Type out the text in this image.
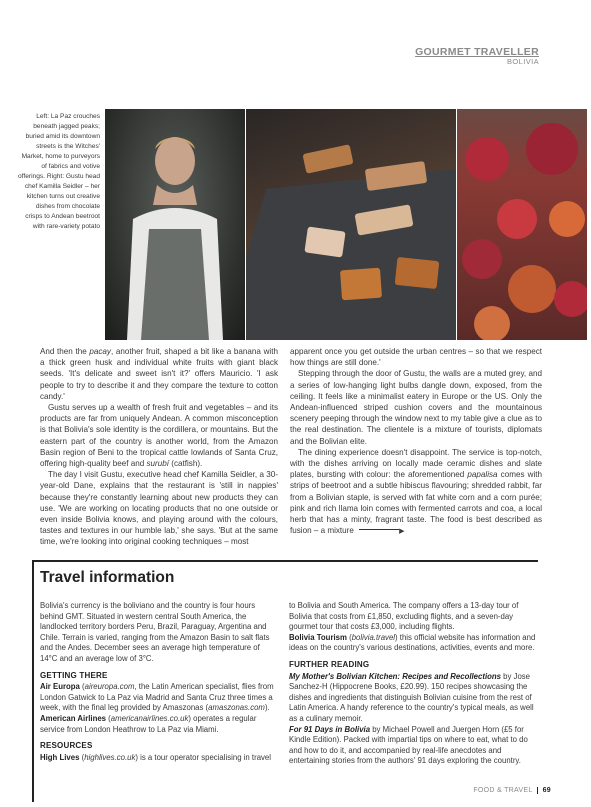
GOURMET TRAVELLER
BOLIVIA
Left: La Paz crouches beneath jagged peaks; buried amid its downtown streets is the Witches' Market, home to purveyors of fabrics and votive offerings. Right: Gustu head chef Kamilla Seidler – her kitchen turns out creative dishes from chocolate crisps to Andean beetroot with rare-variety potato

And then the pacay, another fruit, shaped a bit like a banana with a thick green husk and individual white fruits with giant black seeds. 'It's delicate and sweet isn't it?' offers Mauricio. 'I ask people to try to describe it and they compare the texture to cotton candy.'

Gustu serves up a wealth of fresh fruit and vegetables – and its products are far from uniquely Andean. A common misconception is that Bolivia's sole identity is the cordillera, or mountains. But the eastern part of the country is another world, from the Amazon Basin region of Beni to the tropical cattle lowlands of Santa Cruz, offering high-quality beef and surubí (catfish).

The day I visit Gustu, executive head chef Kamilla Seidler, a 30-year-old Dane, explains that the restaurant is 'still in nappies' because they're constantly learning about new products they can use. 'We are working on locating products that no one outside or even inside Bolivia knows, and playing around with the colours, tastes and textures in our humble lab,' she says. 'But at the same time, we're looking into original cooking techniques – most

apparent once you get outside the urban centres – so that we respect how things are still done.'

Stepping through the door of Gustu, the walls are a muted grey, and a series of low-hanging light bulbs dangle down, exposed, from the ceiling. It feels like a minimalist eatery in Europe or the US. Only the Andean-influenced striped cushion covers and the mountainous scenery peeping through the window next to my table give a clue as to the real destination. The clientele is a mixture of tourists, diplomats and the Bolivian elite.

The dining experience doesn't disappoint. The service is top-notch, with the dishes arriving on locally made ceramic dishes and slate plates, bursting with colour: the aforementioned papalisa comes with strips of beetroot and a subtle hibiscus flavouring; shredded rabbit, far from a Bolivian staple, is served with fat white corn and a corn purée; pink and rich llama loin comes with fermented carrots and coa, a local herb that has a minty, fragrant taste. The food is best described as fusion – a mixture	▶

Travel information
Bolivia's currency is the boliviano and the country is four hours behind GMT. Situated in western central South America, the landlocked territory borders Peru, Brazil, Paraguay, Argentina and Chile. Terrain is varied, ranging from the Amazon Basin to salt flats and the Andes. December sees an average high temperature of 14°C and an average low of 3°C.
GETTING THERE
Air Europa (aireuropa.com, the Latin American specialist, flies from London Gatwick to La Paz via Madrid and Santa Cruz three times a week, with the final leg provided by Amaszonas (amaszonas.com).
American Airlines (americanairlines.co.uk) operates a regular service from London Heathrow to La Paz via Miami.
RESOURCES
High Lives (highlives.co.uk) is a tour operator specialising in travel
to Bolivia and South America. The company offers a 13-day tour of Bolivia that costs from £1,850, excluding flights, and a seven-day gourmet tour that costs £3,000, including flights.
Bolivia Tourism (bolivia.travel) this official website has information and ideas on the country's various destinations, activities, events and more.
FURTHER READING
My Mother's Bolivian Kitchen: Recipes and Recollections by Jose Sanchez-H (Hippocrene Books, £20.99). 150 recipes showcasing the dishes and ingredients that distinguish Bolivian cuisine from the rest of Latin America. A handy reference to the country's typical meals, as well as a culinary memoir.
For 91 Days in Bolivia by Michael Powell and Juergen Horn (£5 for Kindle Edition). Packed with impartial tips on where to eat, what to do and how to do it, and accompanied by real-life anecdotes and entertaining stories from the authors' 91 days exploring the country.
FOOD & TRAVEL 69
